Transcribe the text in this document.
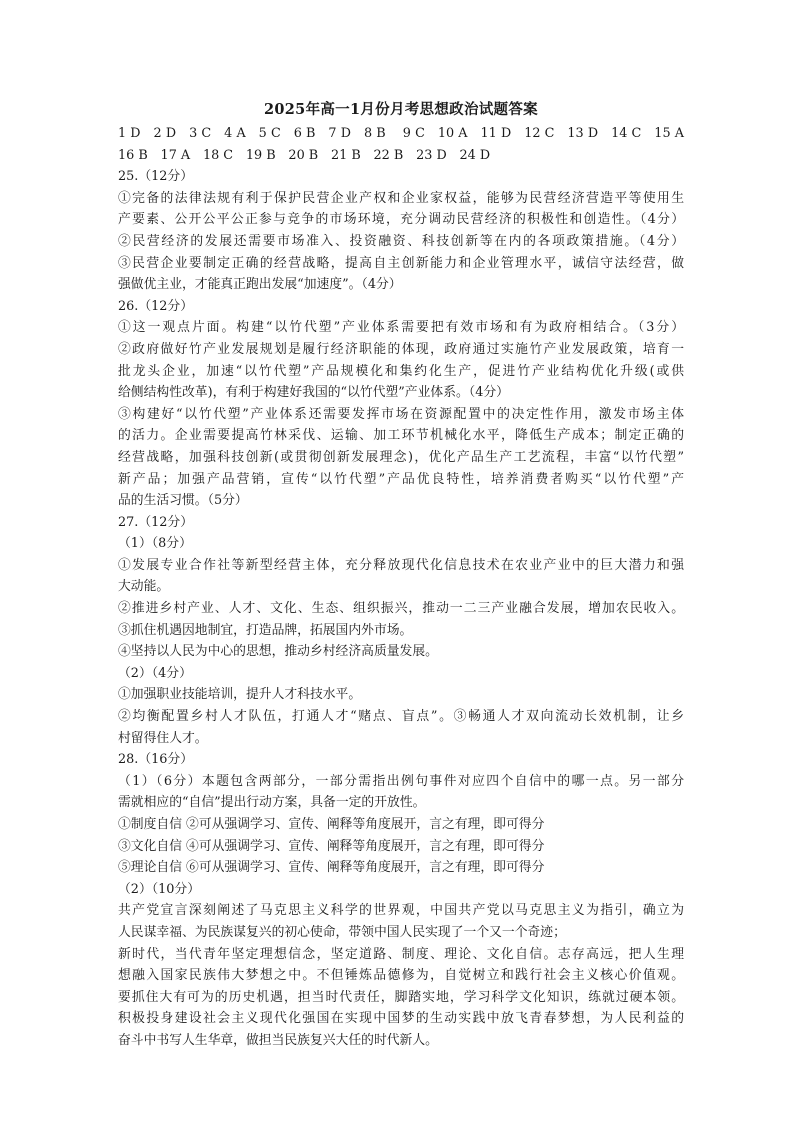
2025年高一1月份月考思想政治试题答案
1 D　2 D　3 C　4 A　5 C　6 B　7 D　8 B　 9 C　10 A　11 D　12 C　13 D　14 C　15 A
16 B　17 A　18 C　19 B　20 B　21 B　22 B　23 D　24 D
25.（12分）
①完备的法律法规有利于保护民营企业产权和企业家权益，能够为民营经济营造平等使用生
产要素、公开公平公正参与竞争的市场环境，充分调动民营经济的积极性和创造性。（4分）
②民营经济的发展还需要市场准入、投资融资、科技创新等在内的各项政策措施。（4分）
③民营企业要制定正确的经营战略，提高自主创新能力和企业管理水平，诚信守法经营，做
强做优主业，才能真正跑出发展“加速度”。（4分）
26.（12分）
①这一观点片面。构建“以竹代塑”产业体系需要把有效市场和有为政府相结合。（3分）
②政府做好竹产业发展规划是履行经济职能的体现，政府通过实施竹产业发展政策，培育一
批龙头企业，加速“以竹代塑”产品规模化和集约化生产，促进竹产业结构优化升级(或供
给侧结构性改革)，有利于构建好我国的“以竹代塑”产业体系。（4分）
③构建好“以竹代塑”产业体系还需要发挥市场在资源配置中的决定性作用，激发市场主体
的活力。企业需要提高竹林采伐、运输、加工环节机械化水平，降低生产成本；制定正确的
经营战略，加强科技创新(或贯彻创新发展理念)，优化产品生产工艺流程，丰富“以竹代塑”
新产品；加强产品营销，宣传“以竹代塑”产品优良特性，培养消费者购买“以竹代塑”产
品的生活习惯。（5分）
27.（12分）
（1）（8分）
①发展专业合作社等新型经营主体，充分释放现代化信息技术在农业产业中的巨大潜力和强
大动能。
②推进乡村产业、人才、文化、生态、组织振兴，推动一二三产业融合发展，增加农民收入。
③抓住机遇因地制宜，打造品牌，拓展国内外市场。
④坚持以人民为中心的思想，推动乡村经济高质量发展。
（2）（4分）
①加强职业技能培训，提升人才科技水平。
②均衡配置乡村人才队伍，打通人才“赌点、盲点”。③畅通人才双向流动长效机制，让乡
村留得住人才。
28.（16分）
（1）（6分）本题包含两部分，一部分需指出例句事件对应四个自信中的哪一点。另一部分
需就相应的“自信”提出行动方案，具备一定的开放性。
①制度自信 ②可从强调学习、宣传、阐释等角度展开，言之有理，即可得分
③文化自信 ④可从强调学习、宣传、阐释等角度展开，言之有理，即可得分
⑤理论自信 ⑥可从强调学习、宣传、阐释等角度展开，言之有理，即可得分
（2）（10分）
共产党宣言深刻阐述了马克思主义科学的世界观，中国共产党以马克思主义为指引，确立为
人民谋幸福、为民族谋复兴的初心使命，带领中国人民实现了一个又一个奇迹；
新时代，当代青年坚定理想信念，坚定道路、制度、理论、文化自信。志存高远，把人生理
想融入国家民族伟大梦想之中。不但锤炼品德修为，自觉树立和践行社会主义核心价值观。
要抓住大有可为的历史机遇，担当时代责任，脚踏实地，学习科学文化知识，练就过硬本领。
积极投身建设社会主义现代化强国在实现中国梦的生动实践中放飞青春梦想，为人民利益的
奋斗中书写人生华章，做担当民族复兴大任的时代新人。
